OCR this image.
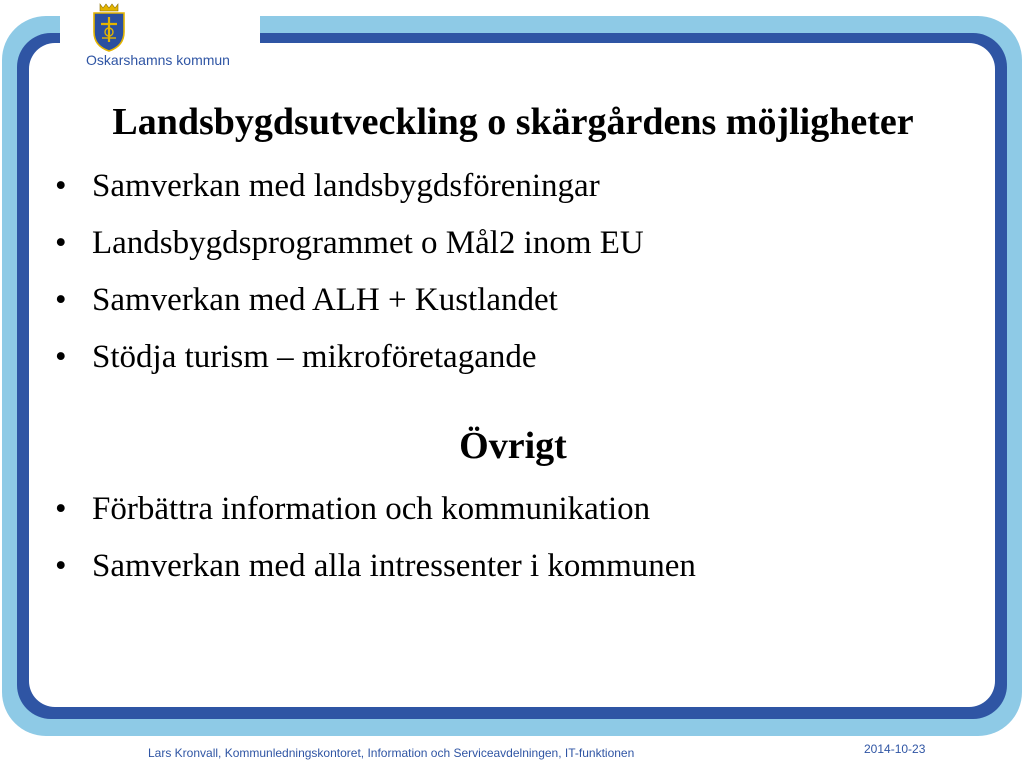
Oskarshamns kommun
Landsbygdsutveckling o skärgårdens möjligheter
• Samverkan med landsbygdsföreningar
• Landsbygdsprogrammet o Mål2 inom EU
• Samverkan med ALH + Kustlandet
• Stödja turism – mikroföretagande
Övrigt
• Förbättra information och kommunikation
• Samverkan med alla intressenter i kommunen
Lars Kronvall, Kommunledningskontoret, Information och Serviceavdelningen, IT-funktionen	2014-10-23
